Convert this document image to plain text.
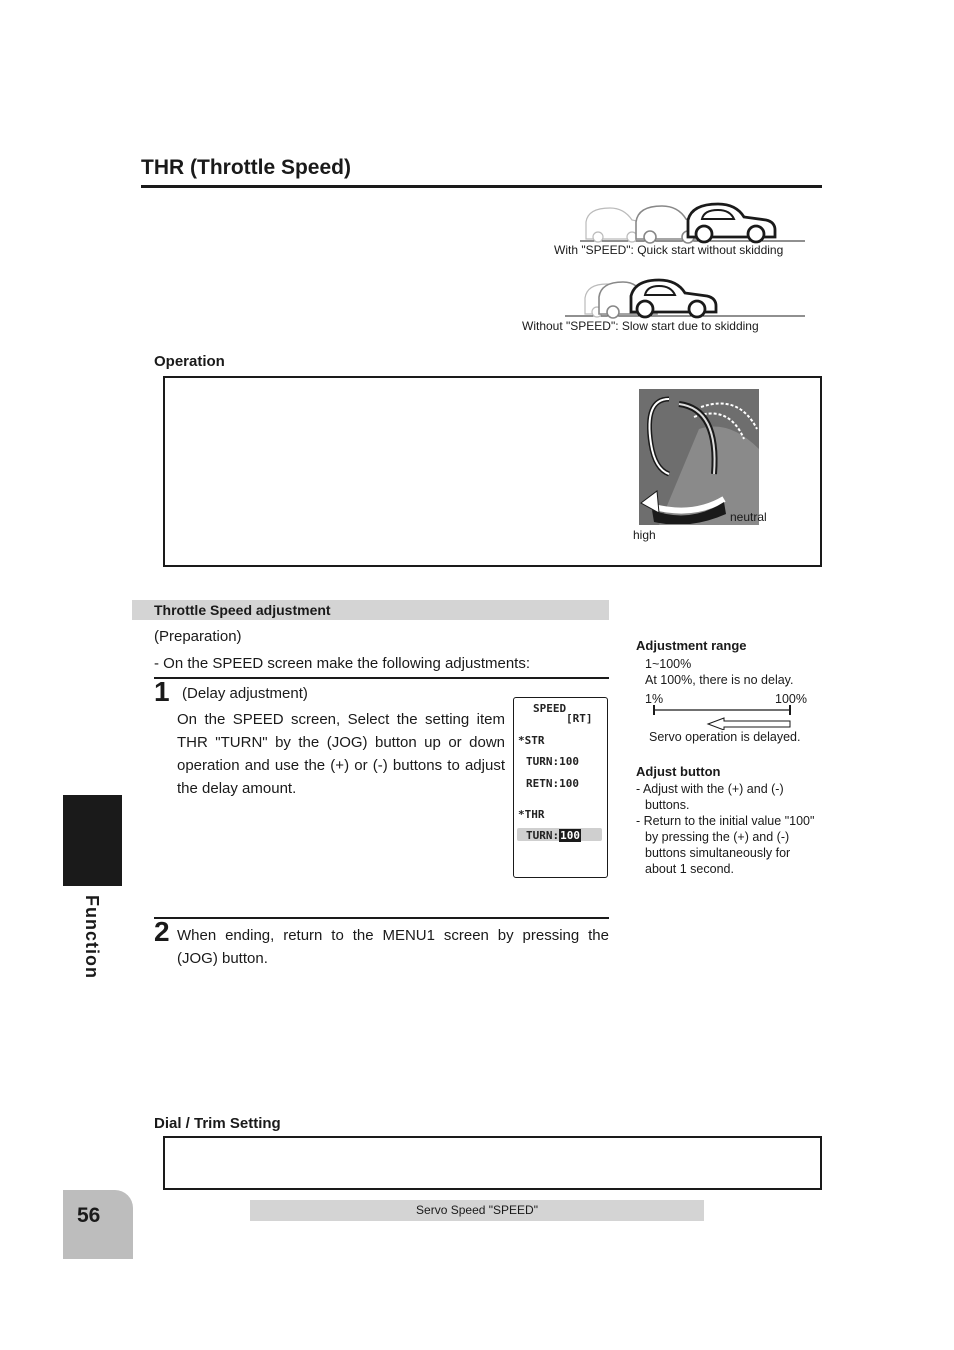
THR (Throttle Speed)
With "SPEED": Quick start without skidding
Without "SPEED": Slow start due to skidding
Operation
neutral
high
Throttle Speed adjustment
(Preparation)
- On the SPEED screen make the following adjustments:
1 (Delay adjustment)
On the SPEED screen, Select the setting item THR "TURN" by the (JOG) button up or down operation and use the (+) or (-) buttons to adjust the delay amount.
SPEED
[RT]
*STR
TURN:100
RETN:100
*THR
TURN:100
2 When ending, return to the MENU1 screen by pressing the (JOG) button.
Adjustment range
1~100%
At 100%, there is no delay.
1%	100%
Servo operation is delayed.
Adjust button
- Adjust with the (+) and (-) buttons.
- Return to the initial value "100" by pressing the (+) and (-) buttons simultaneously for about 1 second.
Function
Dial / Trim Setting
56	Servo Speed "SPEED"
